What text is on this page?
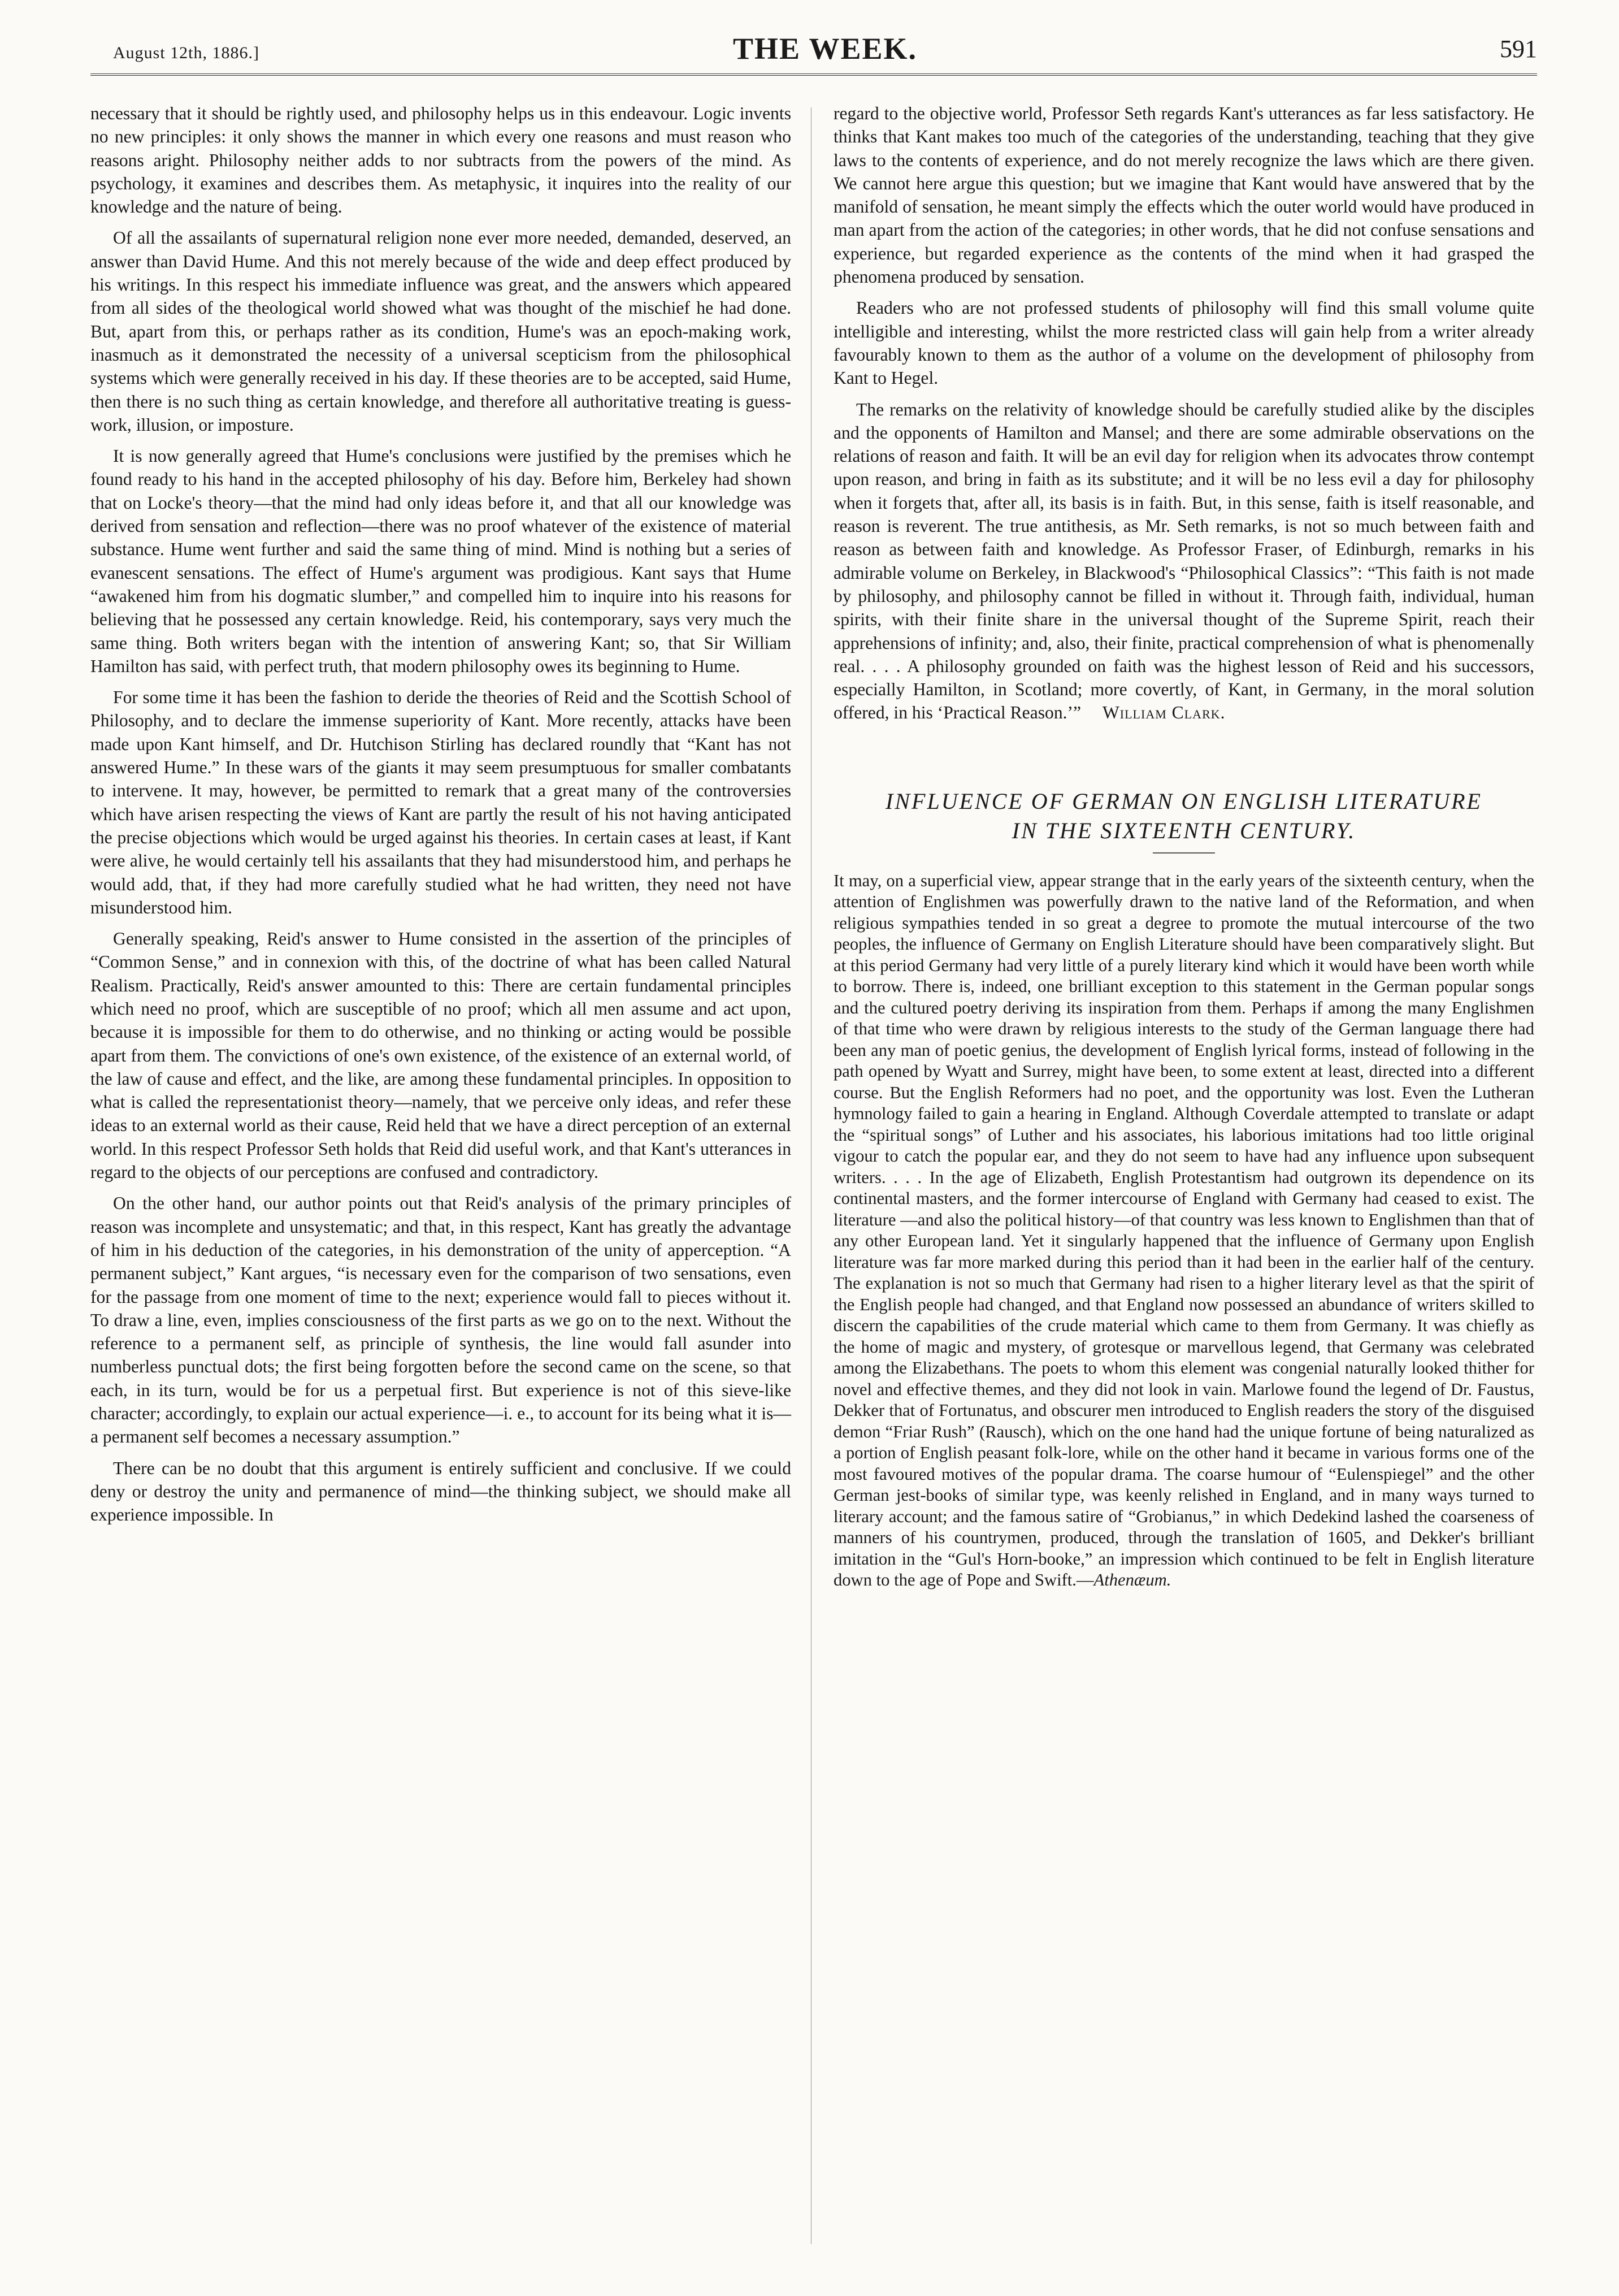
August 12th, 1886.]	THE WEEK.	591

necessary that it should be rightly used, and philosophy helps us in this endeavour. Logic invents no new principles: it only shows the manner in which every one reasons and must reason who reasons aright. Philosophy neither adds to nor subtracts from the powers of the mind. As psychology, it examines and describes them. As metaphysic, it inquires into the reality of our knowledge and the nature of being.

Of all the assailants of supernatural religion none ever more needed, demanded, deserved, an answer than David Hume. And this not merely because of the wide and deep effect produced by his writings. In this respect his immediate influence was great, and the answers which appeared from all sides of the theological world showed what was thought of the mischief he had done. But, apart from this, or perhaps rather as its condition, Hume's was an epoch-making work, inasmuch as it demonstrated the necessity of a universal scepticism from the philosophical systems which were generally received in his day. If these theories are to be accepted, said Hume, then there is no such thing as certain knowledge, and therefore all authoritative treating is guess-work, illusion, or imposture.

It is now generally agreed that Hume's conclusions were justified by the premises which he found ready to his hand in the accepted philosophy of his day. Before him, Berkeley had shown that on Locke's theory—that the mind had only ideas before it, and that all our knowledge was derived from sensation and reflection—there was no proof whatever of the existence of material substance. Hume went further and said the same thing of mind. Mind is nothing but a series of evanescent sensations. The effect of Hume's argument was prodigious. Kant says that Hume “awakened him from his dogmatic slumber,” and compelled him to inquire into his reasons for believing that he possessed any certain knowledge. Reid, his contemporary, says very much the same thing. Both writers began with the intention of answering Kant; so, that Sir William Hamilton has said, with perfect truth, that modern philosophy owes its beginning to Hume.

For some time it has been the fashion to deride the theories of Reid and the Scottish School of Philosophy, and to declare the immense superiority of Kant. More recently, attacks have been made upon Kant himself, and Dr. Hutchison Stirling has declared roundly that “Kant has not answered Hume.” In these wars of the giants it may seem presumptuous for smaller combatants to intervene. It may, however, be permitted to remark that a great many of the controversies which have arisen respecting the views of Kant are partly the result of his not having anticipated the precise objections which would be urged against his theories. In certain cases at least, if Kant were alive, he would certainly tell his assailants that they had misunderstood him, and perhaps he would add, that, if they had more carefully studied what he had written, they need not have misunderstood him.

Generally speaking, Reid's answer to Hume consisted in the assertion of the principles of “Common Sense,” and in connexion with this, of the doctrine of what has been called Natural Realism. Practically, Reid's answer amounted to this: There are certain fundamental principles which need no proof, which are susceptible of no proof; which all men assume and act upon, because it is impossible for them to do otherwise, and no thinking or acting would be possible apart from them. The convictions of one's own existence, of the existence of an external world, of the law of cause and effect, and the like, are among these fundamental principles. In opposition to what is called the representationist theory—namely, that we perceive only ideas, and refer these ideas to an external world as their cause, Reid held that we have a direct perception of an external world. In this respect Professor Seth holds that Reid did useful work, and that Kant's utterances in regard to the objects of our perceptions are confused and contradictory.

On the other hand, our author points out that Reid's analysis of the primary principles of reason was incomplete and unsystematic; and that, in this respect, Kant has greatly the advantage of him in his deduction of the categories, in his demonstration of the unity of apperception. “A permanent subject,” Kant argues, “is necessary even for the comparison of two sensations, even for the passage from one moment of time to the next; experience would fall to pieces without it. To draw a line, even, implies consciousness of the first parts as we go on to the next. Without the reference to a permanent self, as principle of synthesis, the line would fall asunder into numberless punctual dots; the first being forgotten before the second came on the scene, so that each, in its turn, would be for us a perpetual first. But experience is not of this sieve-like character; accordingly, to explain our actual experience—i. e., to account for its being what it is—a permanent self becomes a necessary assumption.”

There can be no doubt that this argument is entirely sufficient and conclusive. If we could deny or destroy the unity and permanence of mind—the thinking subject, we should make all experience impossible. In

regard to the objective world, Professor Seth regards Kant's utterances as far less satisfactory. He thinks that Kant makes too much of the categories of the understanding, teaching that they give laws to the contents of experience, and do not merely recognize the laws which are there given. We cannot here argue this question; but we imagine that Kant would have answered that by the manifold of sensation, he meant simply the effects which the outer world would have produced in man apart from the action of the categories; in other words, that he did not confuse sensations and experience, but regarded experience as the contents of the mind when it had grasped the phenomena produced by sensation.

Readers who are not professed students of philosophy will find this small volume quite intelligible and interesting, whilst the more restricted class will gain help from a writer already favourably known to them as the author of a volume on the development of philosophy from Kant to Hegel.

The remarks on the relativity of knowledge should be carefully studied alike by the disciples and the opponents of Hamilton and Mansel; and there are some admirable observations on the relations of reason and faith. It will be an evil day for religion when its advocates throw contempt upon reason, and bring in faith as its substitute; and it will be no less evil a day for philosophy when it forgets that, after all, its basis is in faith. But, in this sense, faith is itself reasonable, and reason is reverent. The true antithesis, as Mr. Seth remarks, is not so much between faith and reason as between faith and knowledge. As Professor Fraser, of Edinburgh, remarks in his admirable volume on Berkeley, in Blackwood's “Philosophical Classics”: “This faith is not made by philosophy, and philosophy cannot be filled in without it. Through faith, individual, human spirits, with their finite share in the universal thought of the Supreme Spirit, reach their apprehensions of infinity; and, also, their finite, practical comprehension of what is phenomenally real. . . . A philosophy grounded on faith was the highest lesson of Reid and his successors, especially Hamilton, in Scotland; more covertly, of Kant, in Germany, in the moral solution offered, in his ‘Practical Reason.’” William Clark.

INFLUENCE OF GERMAN ON ENGLISH LITERATURE
IN THE SIXTEENTH CENTURY.

It may, on a superficial view, appear strange that in the early years of the sixteenth century, when the attention of Englishmen was powerfully drawn to the native land of the Reformation, and when religious sympathies tended in so great a degree to promote the mutual intercourse of the two peoples, the influence of Germany on English Literature should have been comparatively slight. But at this period Germany had very little of a purely literary kind which it would have been worth while to borrow. There is, indeed, one brilliant exception to this statement in the German popular songs and the cultured poetry deriving its inspiration from them. Perhaps if among the many Englishmen of that time who were drawn by religious interests to the study of the German language there had been any man of poetic genius, the development of English lyrical forms, instead of following in the path opened by Wyatt and Surrey, might have been, to some extent at least, directed into a different course. But the English Reformers had no poet, and the opportunity was lost. Even the Lutheran hymnology failed to gain a hearing in England. Although Coverdale attempted to translate or adapt the “spiritual songs” of Luther and his associates, his laborious imitations had too little original vigour to catch the popular ear, and they do not seem to have had any influence upon subsequent writers. . . . In the age of Elizabeth, English Protestantism had outgrown its dependence on its continental masters, and the former intercourse of England with Germany had ceased to exist. The literature —and also the political history—of that country was less known to Englishmen than that of any other European land. Yet it singularly happened that the influence of Germany upon English literature was far more marked during this period than it had been in the earlier half of the century. The explanation is not so much that Germany had risen to a higher literary level as that the spirit of the English people had changed, and that England now possessed an abundance of writers skilled to discern the capabilities of the crude material which came to them from Germany. It was chiefly as the home of magic and mystery, of grotesque or marvellous legend, that Germany was celebrated among the Elizabethans. The poets to whom this element was congenial naturally looked thither for novel and effective themes, and they did not look in vain. Marlowe found the legend of Dr. Faustus, Dekker that of Fortunatus, and obscurer men introduced to English readers the story of the disguised demon “Friar Rush” (Rausch), which on the one hand had the unique fortune of being naturalized as a portion of English peasant folk-lore, while on the other hand it became in various forms one of the most favoured motives of the popular drama. The coarse humour of “Eulenspiegel” and the other German jest-books of similar type, was keenly relished in England, and in many ways turned to literary account; and the famous satire of “Grobianus,” in which Dedekind lashed the coarseness of manners of his countrymen, produced, through the translation of 1605, and Dekker's brilliant imitation in the “Gul's Horn-booke,” an impression which continued to be felt in English literature down to the age of Pope and Swift.—Athenæum.
